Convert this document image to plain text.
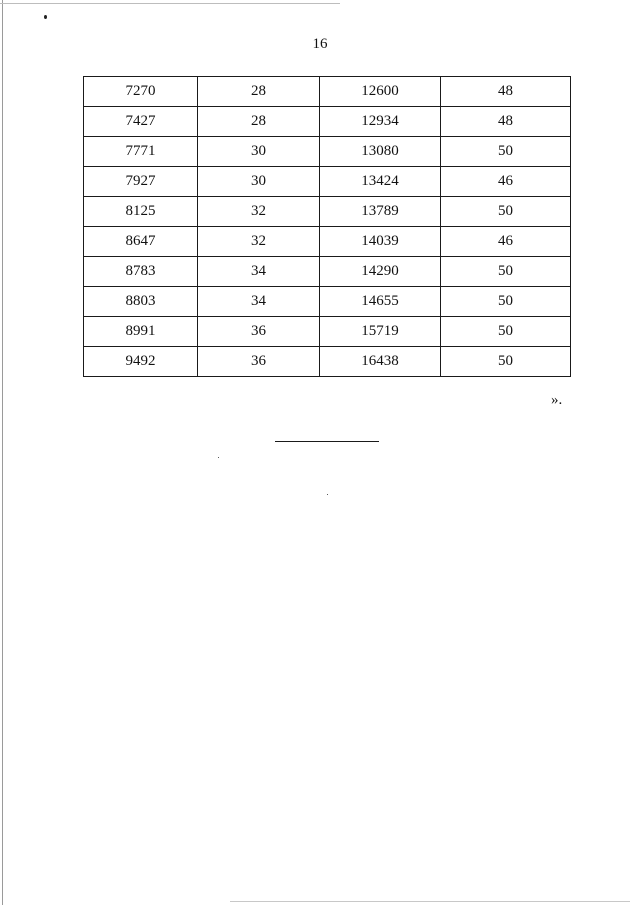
16
7270	28	12600	48
7427	28	12934	48
7771	30	13080	50
7927	30	13424	46
8125	32	13789	50
8647	32	14039	46
8783	34	14290	50
8803	34	14655	50
8991	36	15719	50
9492	36	16438	50
».
